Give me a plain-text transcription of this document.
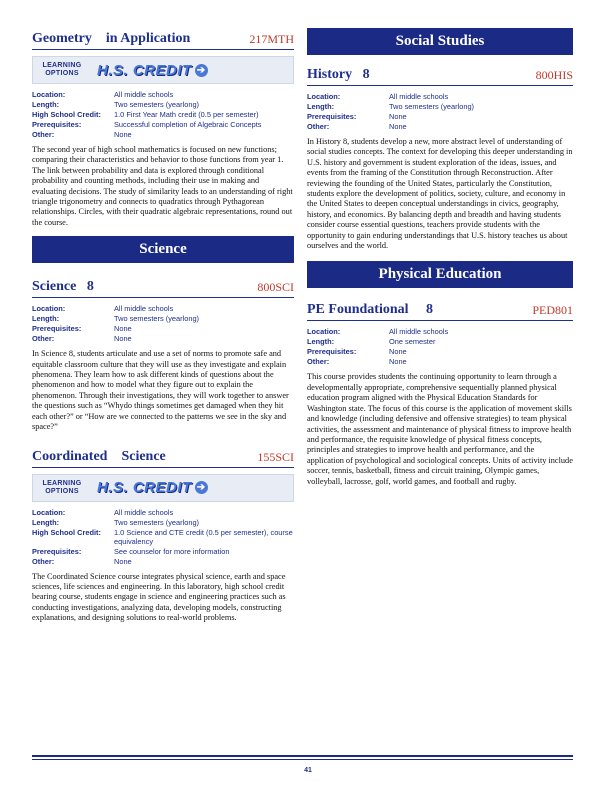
Geometry    in Application	217MTH
LEARNING
OPTIONS	H.S. CREDIT ➔
Location:	All middle schools
Length:	Two semesters (yearlong)
High School Credit:	1.0 First Year Math credit (0.5 per semester)
Prerequisites:	Successful completion of Algebraic Concepts
Other:	None
The second year of high school mathematics is focused on new functions; comparing their characteristics and behavior to those functions from year 1. The link between probability and data is explored through conditional probability and counting methods, including their use in making and evaluating decisions. The study of similarity leads to an understanding of right triangle trigonometry and connects to quadratics through Pythagorean relationships. Circles, with their quadratic algebraic representations, round out the course.
Science
Science   8	800SCI
Location:	All middle schools
Length:	Two semesters (yearlong)
Prerequisites:	None
Other:	None
In Science 8, students articulate and use a set of norms to promote safe and equitable classroom culture that they will use as they investigate and explain phenomena. They learn how to ask different kinds of questions about the phenomenon and how to model what they figure out to explain the phenomenon. Through their investigations, they will work together to answer the questions such as “Whydo things sometimes get damaged when they hit each other?” or “How are we connected to the patterns we see in the sky and space?”
Coordinated    Science	155SCI
LEARNING
OPTIONS	H.S. CREDIT ➔
Location:	All middle schools
Length:	Two semesters (yearlong)
High School Credit:	1.0 Science and CTE credit (0.5 per semester), course equivalency
Prerequisites:	See counselor for more information
Other:	None
The Coordinated Science course integrates physical science, earth and space sciences, life sciences and engineering. In this laboratory, high school credit bearing course, students engage in science and engineering practices such as conducting investigations, analyzing data, developing models, constructing explanations, and designing solutions to real-world problems.
Social Studies
History   8	800HIS
Location:	All middle schools
Length:	Two semesters (yearlong)
Prerequisites:	None
Other:	None
In History 8, students develop a new, more abstract level of understanding of social studies concepts. The context for developing this deeper understanding in U.S. history and government is student exploration of the ideas, issues, and events from the framing of the Constitution through Reconstruction. After reviewing the founding of the United States, particularly the Constitution, students explore the development of politics, society, culture, and economy in the United States to deepen conceptual understandings in civics, geography, history, and economics. By balancing depth and breadth and having students consider course essential questions, teachers provide students with the opportunity to gain enduring understandings that U.S. history teaches us about ourselves and the world.
Physical Education
PE Foundational     8	PED801
Location:	All middle schools
Length:	One semester
Prerequisites:	None
Other:	None
This course provides students the continuing opportunity to learn through a developmentally appropriate, comprehensive sequentially planned physical education program aligned with the Physical Education Standards for Washington state. The focus of this course is the application of movement skills and knowledge (including defensive and offensive strategies) to team physical activities, the assessment and maintenance of physical fitness to improve health and performance, the requisite knowledge of physical fitness concepts, principles and strategies to improve health and performance, and the application of psychological and sociological concepts. Units of activity include soccer, tennis, basketball, fitness and circuit training, Olympic games, volleyball, lacrosse, golf, world games, and football and rugby.
41
